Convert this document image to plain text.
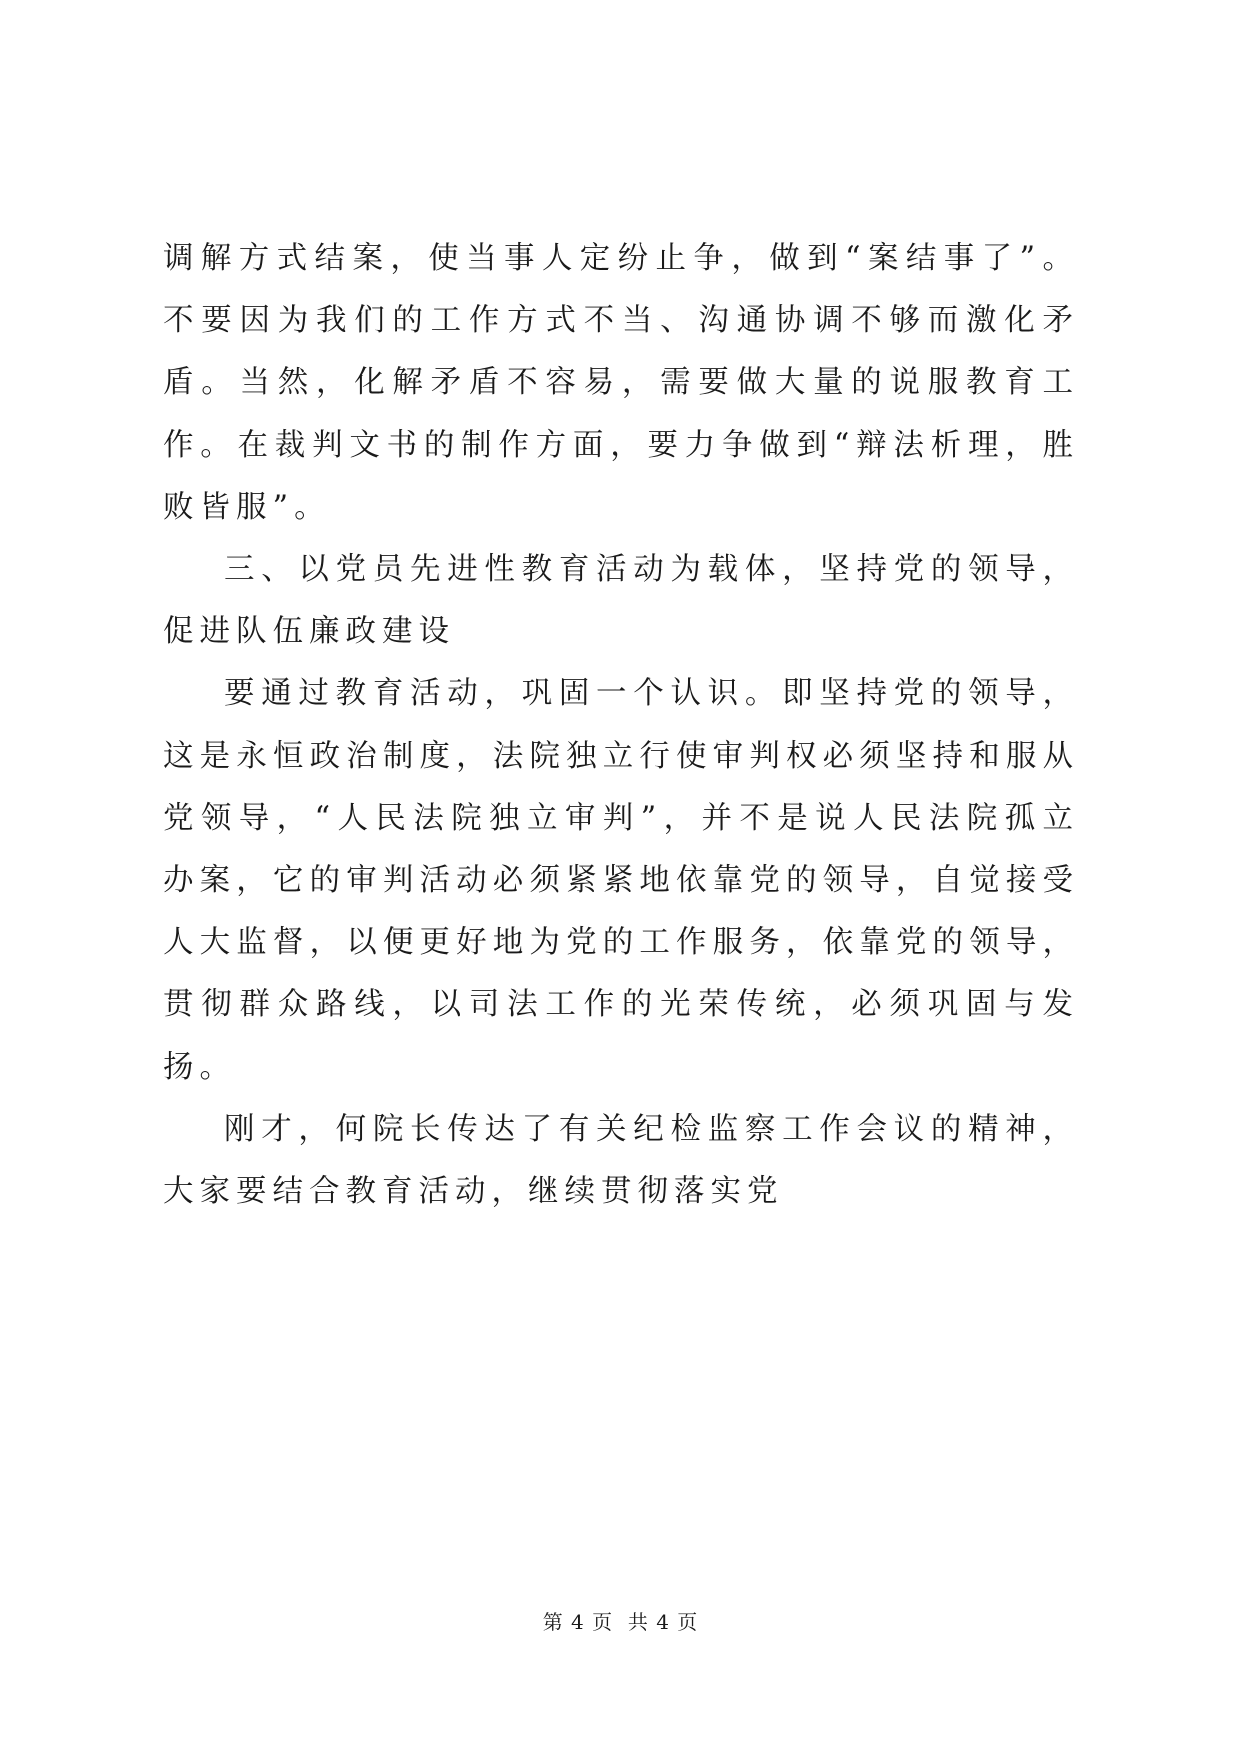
调解方式结案，使当事人定纷止争，做到“案结事了”。不要因为我们的工作方式不当、沟通协调不够而激化矛盾。当然，化解矛盾不容易，需要做大量的说服教育工作。在裁判文书的制作方面，要力争做到“辩法析理，胜败皆服”。

三、以党员先进性教育活动为载体，坚持党的领导，促进队伍廉政建设

要通过教育活动，巩固一个认识。即坚持党的领导，这是永恒政治制度，法院独立行使审判权必须坚持和服从党领导，“人民法院独立审判”，并不是说人民法院孤立办案，它的审判活动必须紧紧地依靠党的领导，自觉接受人大监督，以便更好地为党的工作服务，依靠党的领导，贯彻群众路线，以司法工作的光荣传统，必须巩固与发扬。

刚才，何院长传达了有关纪检监察工作会议的精神，大家要结合教育活动，继续贯彻落实党

第 4 页  共 4 页
